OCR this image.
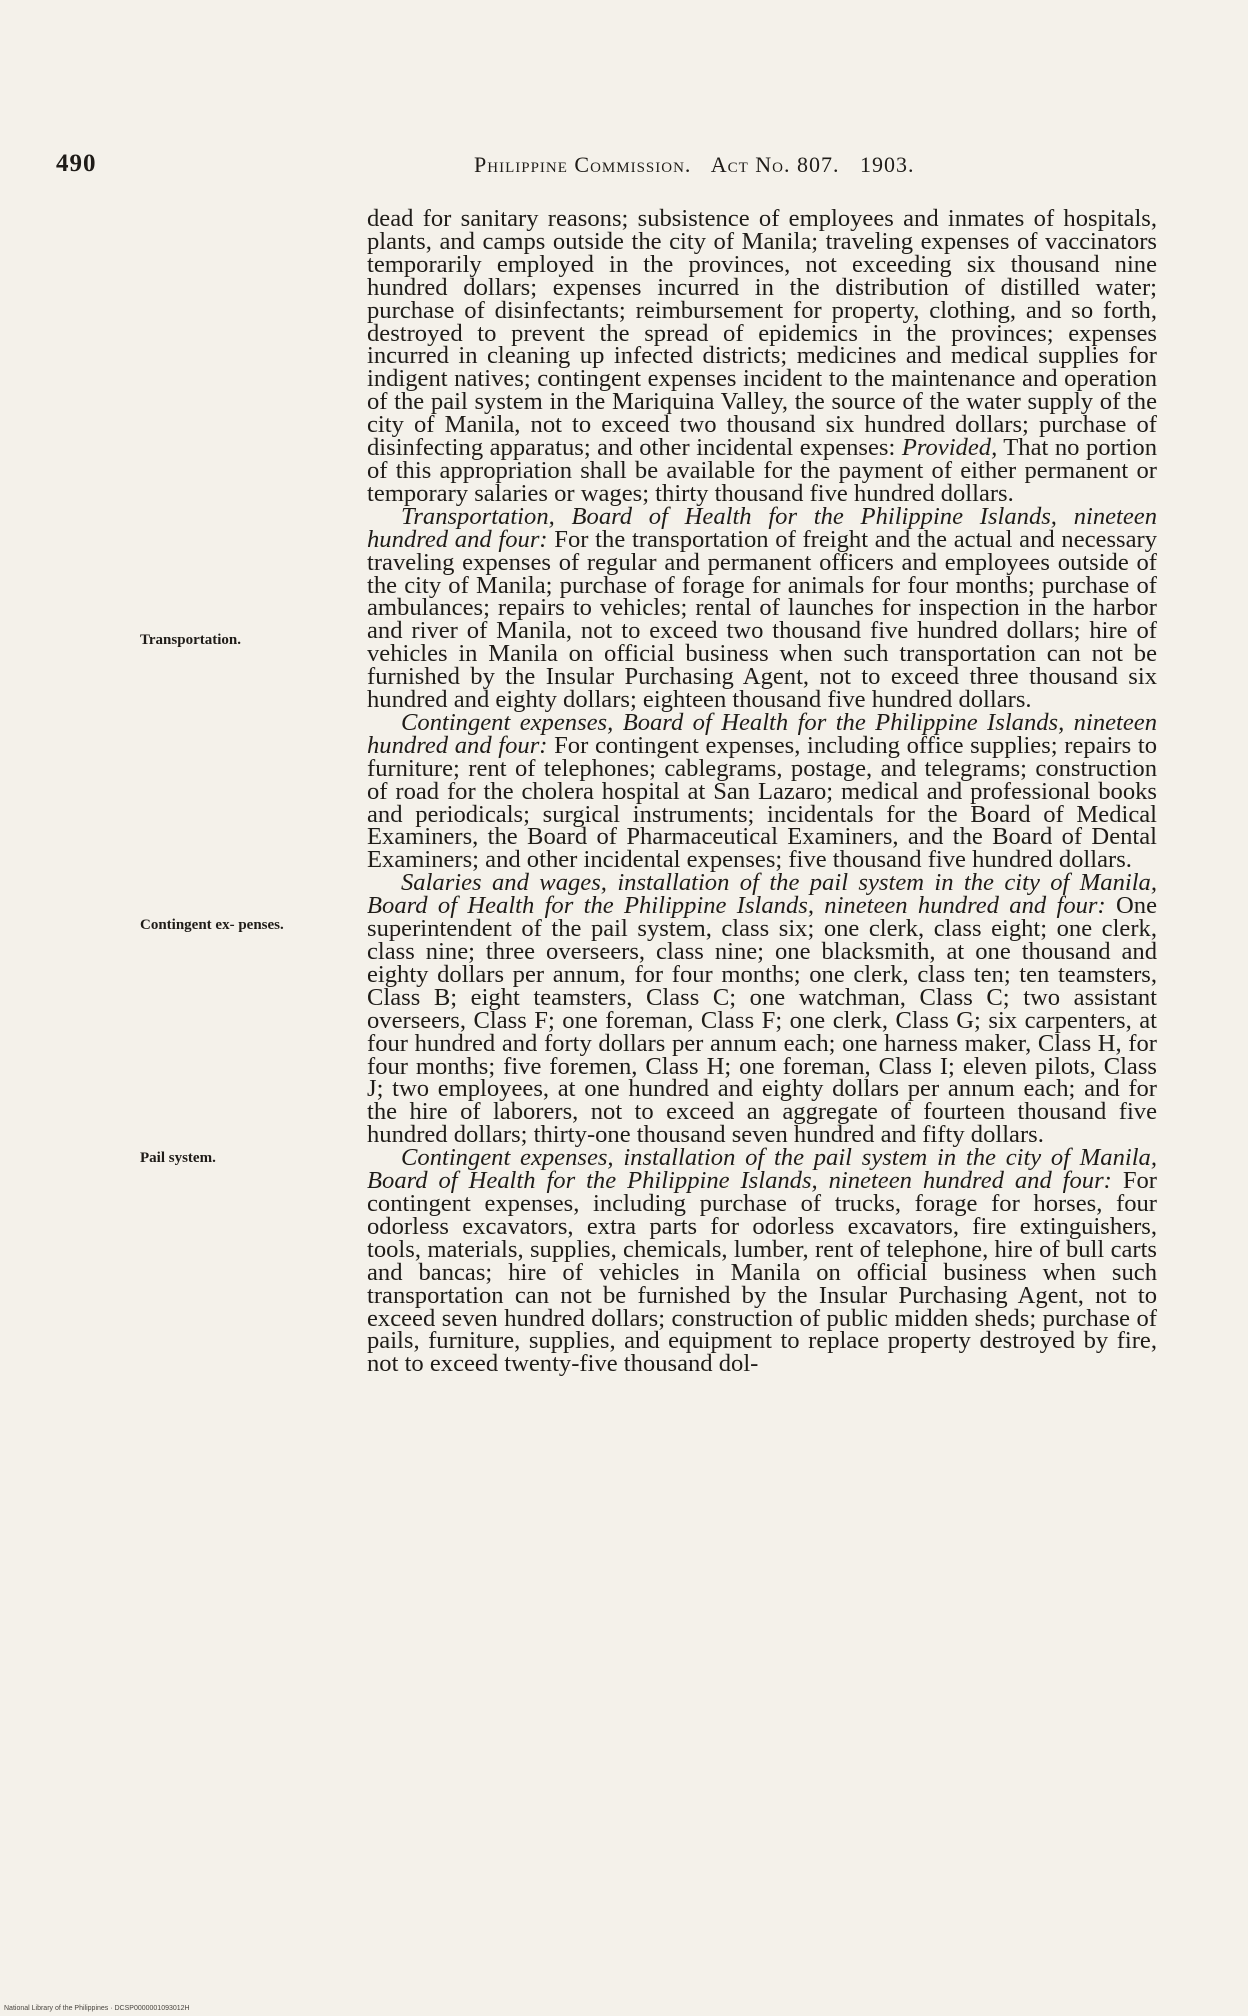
490	Philippine Commission. Act No. 807. 1903.
Transportation.
Contingent ex- penses.
Pail system.

dead for sanitary reasons; subsistence of employees and inmates of hospitals, plants, and camps outside the city of Manila; traveling expenses of vaccinators temporarily employed in the provinces, not exceeding six thousand nine hundred dollars; expenses incurred in the distribution of distilled water; purchase of disinfectants; reimbursement for property, clothing, and so forth, destroyed to prevent the spread of epidemics in the provinces; expenses incurred in cleaning up infected districts; medicines and medical supplies for indigent natives; contingent expenses incident to the maintenance and operation of the pail system in the Mariquina Valley, the source of the water supply of the city of Manila, not to exceed two thousand six hundred dollars; purchase of disinfecting apparatus; and other incidental expenses: Provided, That no portion of this appropriation shall be available for the payment of either permanent or temporary salaries or wages; thirty thousand five hundred dollars.

Transportation, Board of Health for the Philippine Islands, nineteen hundred and four: For the transportation of freight and the actual and necessary traveling expenses of regular and permanent officers and employees outside of the city of Manila; purchase of forage for animals for four months; purchase of ambulances; repairs to vehicles; rental of launches for inspection in the harbor and river of Manila, not to exceed two thousand five hundred dollars; hire of vehicles in Manila on official business when such transportation can not be furnished by the Insular Purchasing Agent, not to exceed three thousand six hundred and eighty dollars; eighteen thousand five hundred dollars.

Contingent expenses, Board of Health for the Philippine Islands, nineteen hundred and four: For contingent expenses, including office supplies; repairs to furniture; rent of telephones; cablegrams, postage, and telegrams; construction of road for the cholera hospital at San Lazaro; medical and professional books and periodicals; surgical instruments; incidentals for the Board of Medical Examiners, the Board of Pharmaceutical Examiners, and the Board of Dental Examiners; and other incidental expenses; five thousand five hundred dollars.

Salaries and wages, installation of the pail system in the city of Manila, Board of Health for the Philippine Islands, nineteen hundred and four: One superintendent of the pail system, class six; one clerk, class eight; one clerk, class nine; three overseers, class nine; one blacksmith, at one thousand and eighty dollars per annum, for four months; one clerk, class ten; ten teamsters, Class B; eight teamsters, Class C; one watchman, Class C; two assistant overseers, Class F; one foreman, Class F; one clerk, Class G; six carpenters, at four hundred and forty dollars per annum each; one harness maker, Class H, for four months; five foremen, Class H; one foreman, Class I; eleven pilots, Class J; two employees, at one hundred and eighty dollars per annum each; and for the hire of laborers, not to exceed an aggregate of fourteen thousand five hundred dollars; thirty-one thousand seven hundred and fifty dollars.

Contingent expenses, installation of the pail system in the city of Manila, Board of Health for the Philippine Islands, nineteen hundred and four: For contingent expenses, including purchase of trucks, forage for horses, four odorless excavators, extra parts for odorless excavators, fire extinguishers, tools, materials, supplies, chemicals, lumber, rent of telephone, hire of bull carts and bancas; hire of vehicles in Manila on official business when such transportation can not be furnished by the Insular Purchasing Agent, not to exceed seven hundred dollars; construction of public midden sheds; purchase of pails, furniture, supplies, and equipment to replace property destroyed by fire, not to exceed twenty-five thousand dol-

National Library of the Philippines · DCSP0000001093012H
